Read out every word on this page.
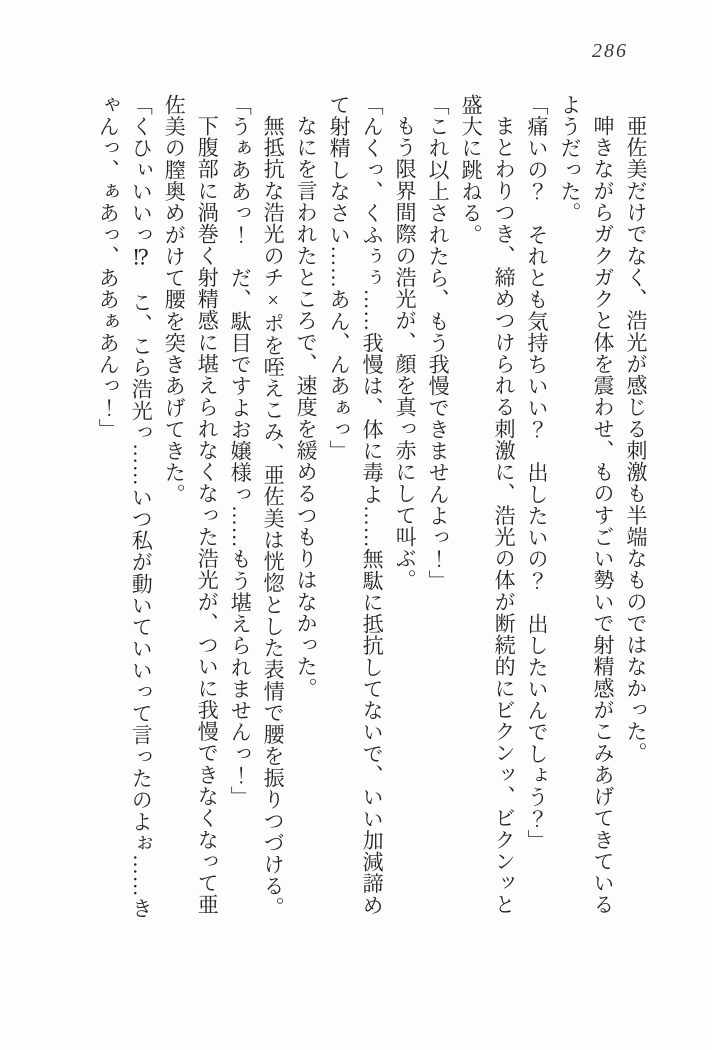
286
亜佐美だけでなく、浩光が感じる刺激も半端なものではなかった。
呻きながらガクガクと体を震わせ、ものすごい勢いで射精感がこみあげてきている
ようだった。
「痛いの？　それとも気持ちいい？　出したいの？　出したいんでしょう？」
まとわりつき、締めつけられる刺激に、浩光の体が断続的にビクンッ、ビクンッと
盛大に跳ねる。
「これ以上されたら、もう我慢できませんよっ！」
もう限界間際の浩光が、顔を真っ赤にして叫ぶ。
「んくっ、くふぅぅ……我慢は、体に毒よ……無駄に抵抗してないで、いい加減諦め
て射精しなさい……あん、んあぁっ」
なにを言われたところで、速度を緩めるつもりはなかった。
無抵抗な浩光のチ×ポを咥えこみ、亜佐美は恍惚とした表情で腰を振りつづける。
「うぁああっ！　だ、駄目ですよお嬢様っ……もう堪えられませんっ！」
下腹部に渦巻く射精感に堪えられなくなった浩光が、ついに我慢できなくなって亜
佐美の膣奥めがけて腰を突きあげてきた。
「くひぃいいっ⁉　こ、こら浩光っ……いつ私が動いていいって言ったのよぉ……き
ゃんっ、ぁあっ、ああぁあんっ！」
